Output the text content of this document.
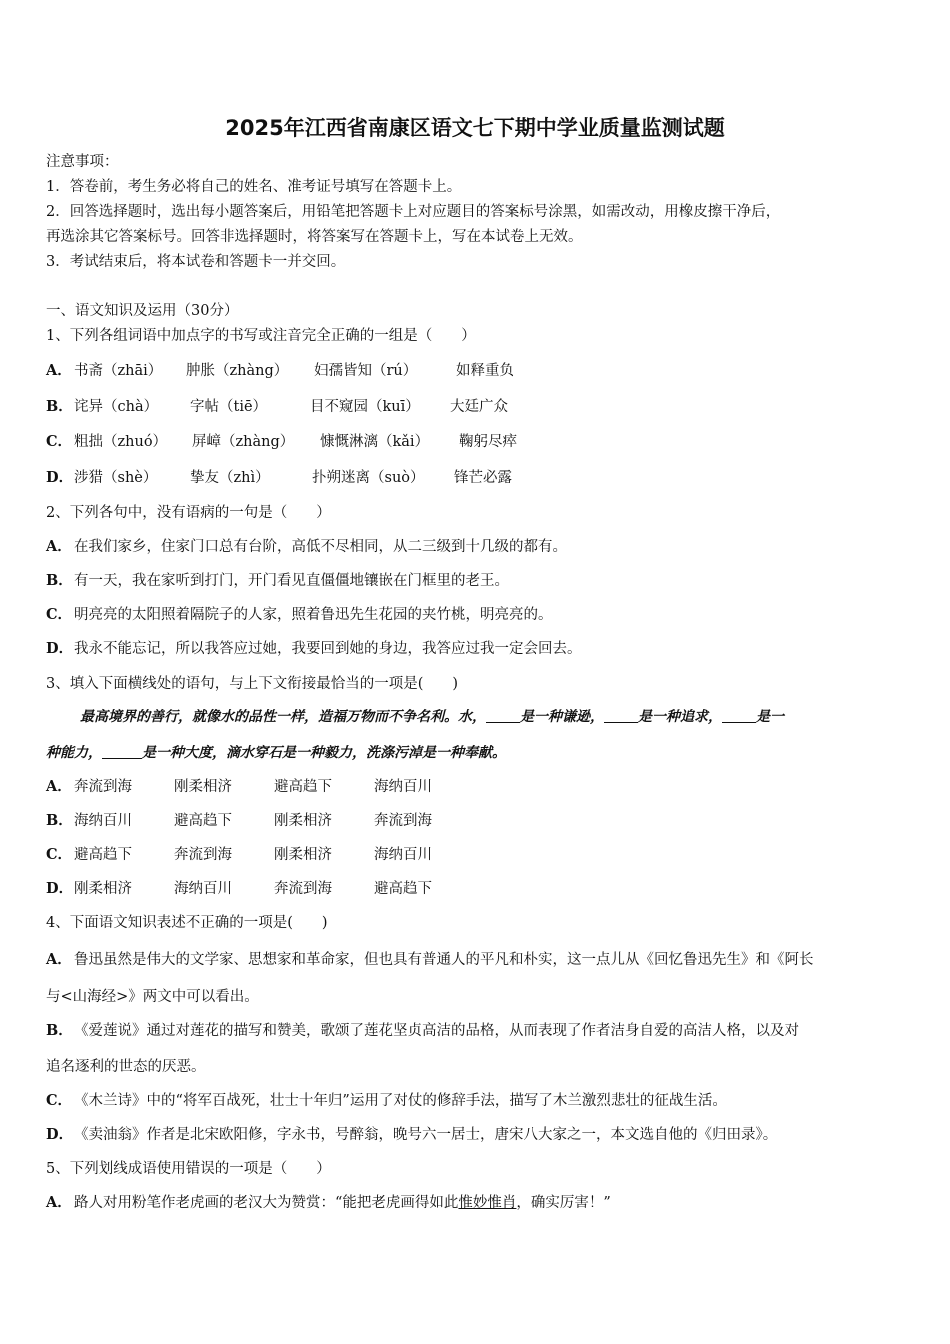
2025年江西省南康区语文七下期中学业质量监测试题
注意事项：
1．答卷前，考生务必将自己的姓名、准考证号填写在答题卡上。
2．回答选择题时，选出每小题答案后，用铅笔把答题卡上对应题目的答案标号涂黑，如需改动，用橡皮擦干净后，
再选涂其它答案标号。回答非选择题时，将答案写在答题卡上，写在本试卷上无效。
3．考试结束后，将本试卷和答题卡一并交回。
一、语文知识及运用（30分）
1、下列各组词语中加点字的书写或注音完全正确的一组是（　　）
A． 书斋（zhāi） 肿胀（zhàng） 妇孺皆知（rú）	如释重负
B．诧异（chà） 字帖（tiē）	目不窥园（kuī） 大廷广众
C． 粗拙（zhuó） 屏嶂（zhàng） 慷慨淋漓（kǎi） 鞠躬尽瘁
D．涉猎（shè） 挚友（zhì）	扑朔迷离（suò） 锋芒必露
2、下列各句中，没有语病的一句是（　　）
A． 在我们家乡，住家门口总有台阶，高低不尽相同，从二三级到十几级的都有。
B．有一天，我在家听到打门，开门看见直僵僵地镶嵌在门框里的老王。
C． 明亮亮的太阳照着隔院子的人家，照着鲁迅先生花园的夹竹桃，明亮亮的。
D．我永不能忘记，所以我答应过她，我要回到她的身边，我答应过我一定会回去。
3、填入下面横线处的语句，与上下文衔接最恰当的一项是(　　)
最高境界的善行，就像水的品性一样，造福万物而不争名利。水， 是一种谦逊， 是一种追求， 是一
种能力，	是一种大度，滴水穿石是一种毅力，洗涤污淖是一种奉献。
A． 奔流到海	刚柔相济	避高趋下	海纳百川
B．海纳百川	避高趋下	刚柔相济	奔流到海
C． 避高趋下	奔流到海	刚柔相济	海纳百川
D．刚柔相济	海纳百川	奔流到海	避高趋下
4、下面语文知识表述不正确的一项是(　　)
A． 鲁迅虽然是伟大的文学家、思想家和革命家，但也具有普通人的平凡和朴实，这一点儿从《回忆鲁迅先生》和《阿长
与<山海经>》两文中可以看出。
B．《爱莲说》通过对莲花的描写和赞美，歌颂了莲花坚贞高洁的品格，从而表现了作者洁身自爱的高洁人格，以及对
追名逐利的世态的厌恶。
C． 《木兰诗》中的“将军百战死，壮士十年归”运用了对仗的修辞手法，描写了木兰激烈悲壮的征战生活。
D．《卖油翁》作者是北宋欧阳修，字永书，号醉翁，晚号六一居士，唐宋八大家之一，本文选自他的《归田录》。
5、下列划线成语使用错误的一项是（　　）
A． 路人对用粉笔作老虎画的老汉大为赞赏：“能把老虎画得如此惟妙惟肖，确实厉害！”
